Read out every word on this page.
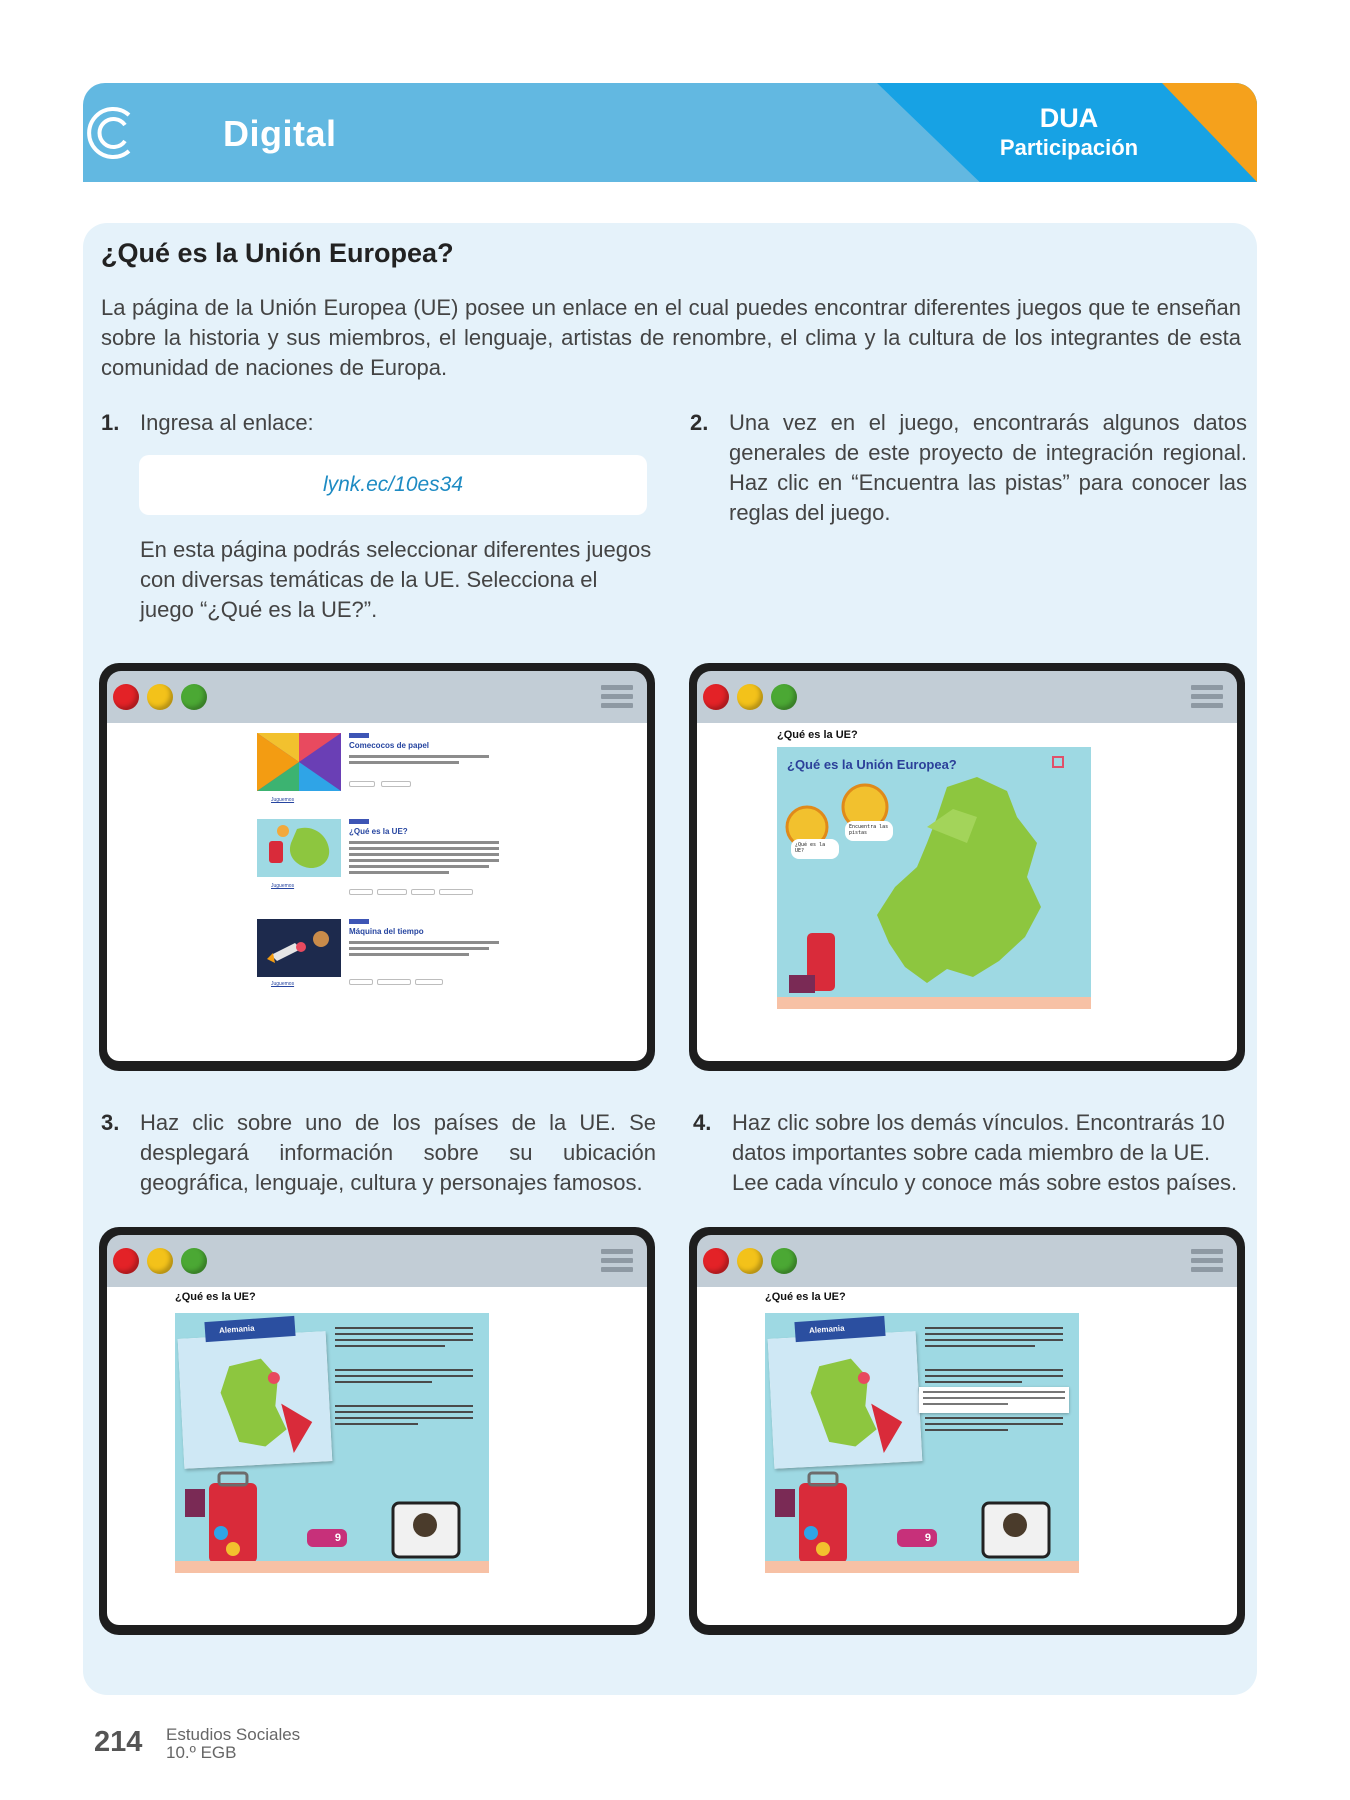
Digital	DUA
Participación
¿Qué es la Unión Europea?
La página de la Unión Europea (UE) posee un enlace en el cual puedes encontrar diferentes juegos que te enseñan sobre la historia y sus miembros, el lenguaje, artistas de renombre, el clima y la cultura de los integrantes de esta comunidad de naciones de Europa.
1. Ingresa al enlace:
lynk.ec/10es34
En esta página podrás seleccionar diferentes juegos con diversas temáticas de la UE. Selecciona el juego “¿Qué es la UE?”.
2. Una vez en el juego, encontrarás algunos datos generales de este proyecto de integración regional. Haz clic en “Encuentra las pistas” para conocer las reglas del juego.
3. Haz clic sobre uno de los países de la UE. Se desplegará información sobre su ubicación geográfica, lenguaje, cultura y personajes famosos.
4. Haz clic sobre los demás vínculos. Encontrarás 10 datos importantes sobre cada miembro de la UE. Lee cada vínculo y conoce más sobre estos países.
Comecocos de papel
Juguemos
¿Qué es la UE?
Juguemos
Máquina del tiempo
Juguemos
¿Qué es la UE?
¿Qué es la Unión Europea?
¿Qué es la UE?
Encuentra las pistas
¿Qué es la UE?
Alemania

9
¿Qué es la UE?
Alemania

9
214 Estudios Sociales
10.º EGB
